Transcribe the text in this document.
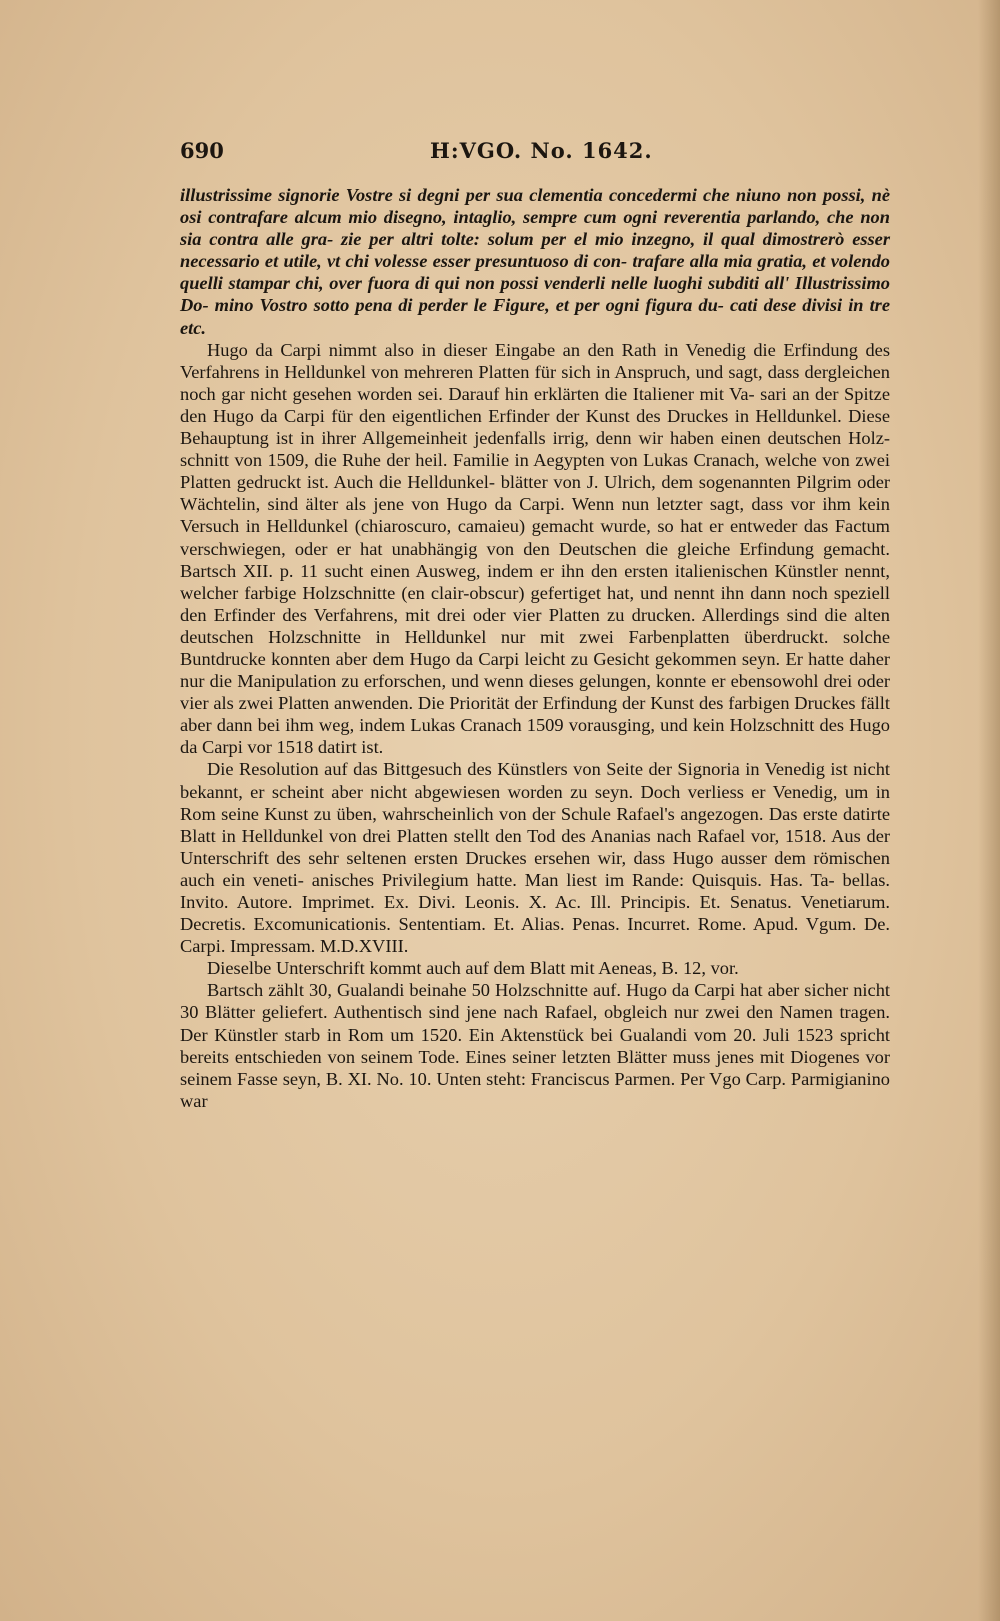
690	H:VGO. No. 1642.

illustrissime signorie Vostre si degni per sua clementia concedermi che niuno non possi, nè osi contrafare alcum mio disegno, intaglio, sempre cum ogni reverentia parlando, che non sia contra alle gra- zie per altri tolte: solum per el mio inzegno, il qual dimostrerò esser necessario et utile, vt chi volesse esser presuntuoso di con- trafare alla mia gratia, et volendo quelli stampar chi, over fuora di qui non possi venderli nelle luoghi subditi all' Illustrissimo Do- mino Vostro sotto pena di perder le Figure, et per ogni figura du- cati dese divisi in tre etc.

Hugo da Carpi nimmt also in dieser Eingabe an den Rath in Venedig die Erfindung des Verfahrens in Helldunkel von mehreren Platten für sich in Anspruch, und sagt, dass dergleichen noch gar nicht gesehen worden sei. Darauf hin erklärten die Italiener mit Va- sari an der Spitze den Hugo da Carpi für den eigentlichen Erfinder der Kunst des Druckes in Helldunkel. Diese Behauptung ist in ihrer Allgemeinheit jedenfalls irrig, denn wir haben einen deutschen Holz- schnitt von 1509, die Ruhe der heil. Familie in Aegypten von Lukas Cranach, welche von zwei Platten gedruckt ist. Auch die Helldunkel- blätter von J. Ulrich, dem sogenannten Pilgrim oder Wächtelin, sind älter als jene von Hugo da Carpi. Wenn nun letzter sagt, dass vor ihm kein Versuch in Helldunkel (chiaroscuro, camaieu) gemacht wurde, so hat er entweder das Factum verschwiegen, oder er hat unabhängig von den Deutschen die gleiche Erfindung gemacht. Bartsch XII. p. 11 sucht einen Ausweg, indem er ihn den ersten italienischen Künstler nennt, welcher farbige Holzschnitte (en clair-obscur) gefertiget hat, und nennt ihn dann noch speziell den Erfinder des Verfahrens, mit drei oder vier Platten zu drucken. Allerdings sind die alten deutschen Holzschnitte in Helldunkel nur mit zwei Farbenplatten überdruckt. solche Buntdrucke konnten aber dem Hugo da Carpi leicht zu Gesicht gekommen seyn. Er hatte daher nur die Manipulation zu erforschen, und wenn dieses gelungen, konnte er ebensowohl drei oder vier als zwei Platten anwenden. Die Priorität der Erfindung der Kunst des farbigen Druckes fällt aber dann bei ihm weg, indem Lukas Cranach 1509 vorausging, und kein Holzschnitt des Hugo da Carpi vor 1518 datirt ist.

Die Resolution auf das Bittgesuch des Künstlers von Seite der Signoria in Venedig ist nicht bekannt, er scheint aber nicht abgewiesen worden zu seyn. Doch verliess er Venedig, um in Rom seine Kunst zu üben, wahrscheinlich von der Schule Rafael's angezogen. Das erste datirte Blatt in Helldunkel von drei Platten stellt den Tod des Ananias nach Rafael vor, 1518. Aus der Unterschrift des sehr seltenen ersten Druckes ersehen wir, dass Hugo ausser dem römischen auch ein veneti- anisches Privilegium hatte. Man liest im Rande: Quisquis. Has. Ta- bellas. Invito. Autore. Imprimet. Ex. Divi. Leonis. X. Ac. Ill. Principis. Et. Senatus. Venetiarum. Decretis. Excomunicationis. Sententiam. Et. Alias. Penas. Incurret. Rome. Apud. Vgum. De. Carpi. Impressam. M.D.XVIII.

Dieselbe Unterschrift kommt auch auf dem Blatt mit Aeneas, B. 12, vor.

Bartsch zählt 30, Gualandi beinahe 50 Holzschnitte auf. Hugo da Carpi hat aber sicher nicht 30 Blätter geliefert. Authentisch sind jene nach Rafael, obgleich nur zwei den Namen tragen. Der Künstler starb in Rom um 1520. Ein Aktenstück bei Gualandi vom 20. Juli 1523 spricht bereits entschieden von seinem Tode. Eines seiner letzten Blätter muss jenes mit Diogenes vor seinem Fasse seyn, B. XI. No. 10. Unten steht: Franciscus Parmen. Per Vgo Carp. Parmigianino war
